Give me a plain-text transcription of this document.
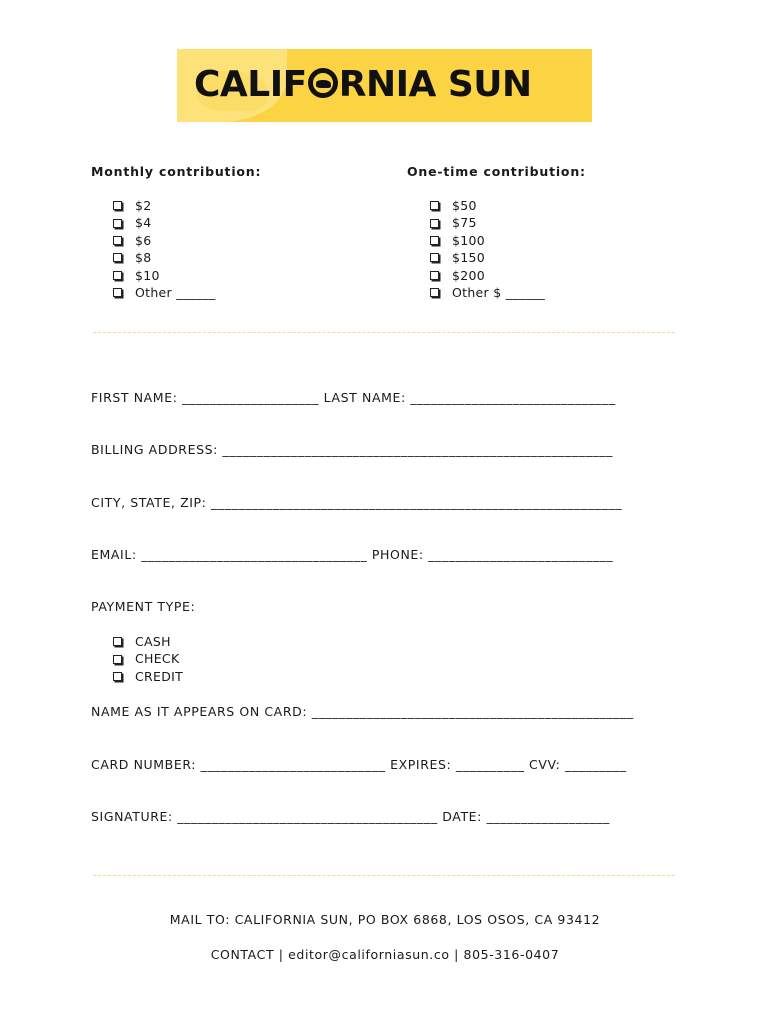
CALIF RNIA SUN
Monthly contribution:	One-time contribution:
$2
$4
$6
$8
$10
Other ______
$50
$75
$100
$150
$200
Other $ ______
FIRST NAME: ____________________ LAST NAME: ______________________________
BILLING ADDRESS: _________________________________________________________
CITY, STATE, ZIP: ____________________________________________________________
EMAIL: _________________________________ PHONE: ___________________________
PAYMENT TYPE:
CASH
CHECK
CREDIT
NAME AS IT APPEARS ON CARD: _______________________________________________
CARD NUMBER: ___________________________ EXPIRES: __________ CVV: _________
SIGNATURE: ______________________________________ DATE: __________________
MAIL TO: CALIFORNIA SUN, PO BOX 6868, LOS OSOS, CA 93412
CONTACT | editor@californiasun.co | 805-316-0407
